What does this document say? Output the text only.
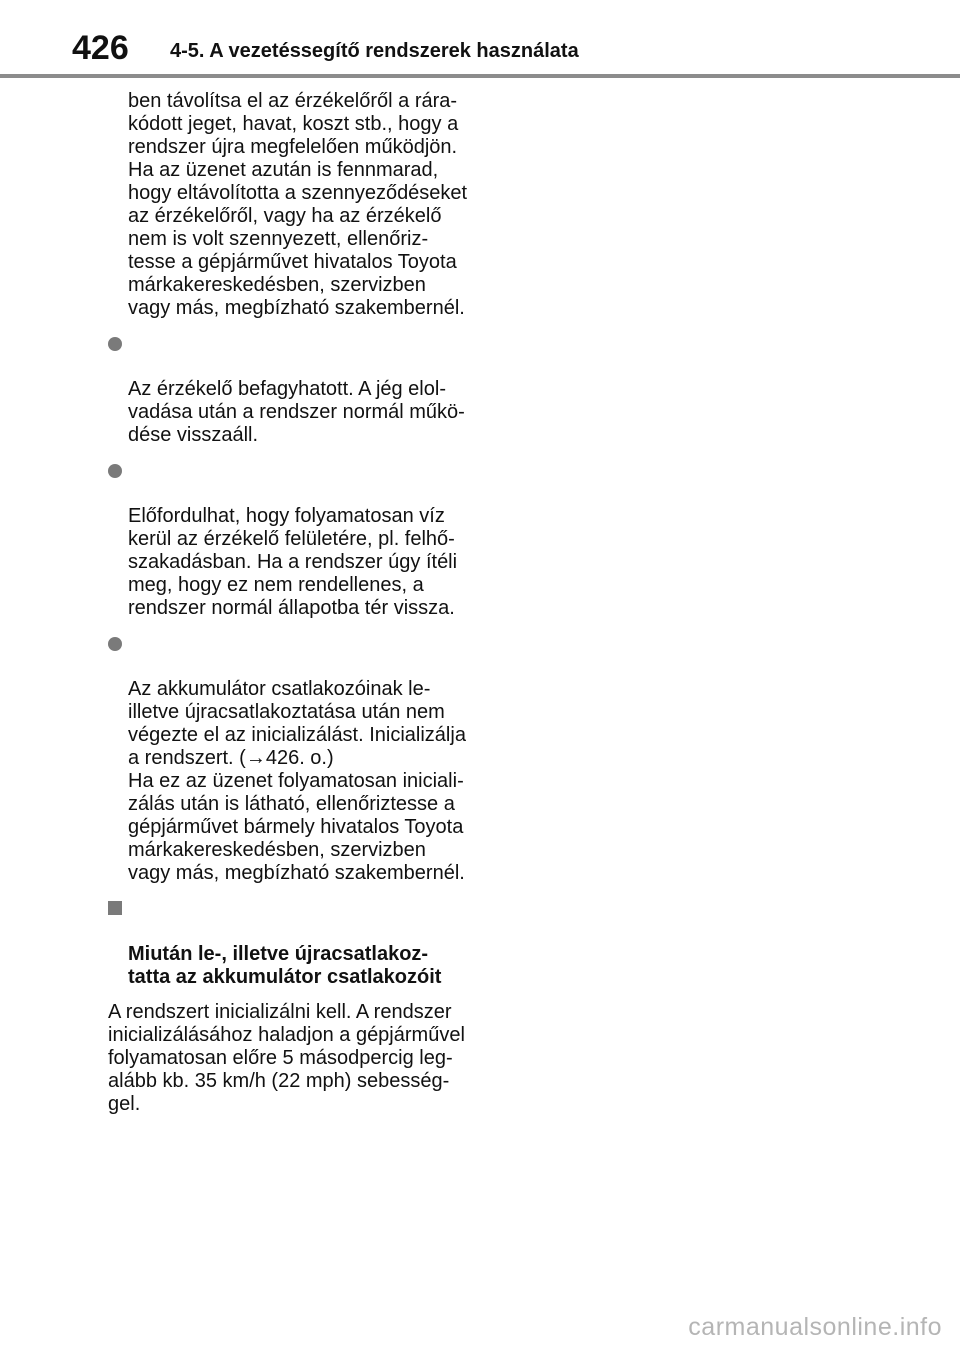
426 4-5. A vezetéssegítő rendszerek használata

ben távolítsa el az érzékelőről a rára-
kódott jeget, havat, koszt stb., hogy a
rendszer újra megfelelően működjön.
Ha az üzenet azután is fennmarad,
hogy eltávolította a szennyeződéseket
az érzékelőről, vagy ha az érzékelő
nem is volt szennyezett, ellenőriz-
tesse a gépjárművet hivatalos Toyota
márkakereskedésben, szervizben
vagy más, megbízható szakembernél.

Az érzékelő befagyhatott. A jég elol-
vadása után a rendszer normál műkö-
dése visszaáll.

Előfordulhat, hogy folyamatosan víz
kerül az érzékelő felületére, pl. felhő-
szakadásban. Ha a rendszer úgy ítéli
meg, hogy ez nem rendellenes, a
rendszer normál állapotba tér vissza.

Az akkumulátor csatlakozóinak le-
illetve újracsatlakoztatása után nem
végezte el az inicializálást. Inicializálja
a rendszert. (→426. o.)
Ha ez az üzenet folyamatosan iniciali-
zálás után is látható, ellenőriztesse a
gépjárművet bármely hivatalos Toyota
márkakereskedésben, szervizben
vagy más, megbízható szakembernél.

Miután le-, illetve újracsatlakoz-
tatta az akkumulátor csatlakozóit

A rendszert inicializálni kell. A rendszer
inicializálásához haladjon a gépjárművel
folyamatosan előre 5 másodpercig leg-
alább kb. 35 km/h (22 mph) sebesség-
gel.

carmanualsonline.info
